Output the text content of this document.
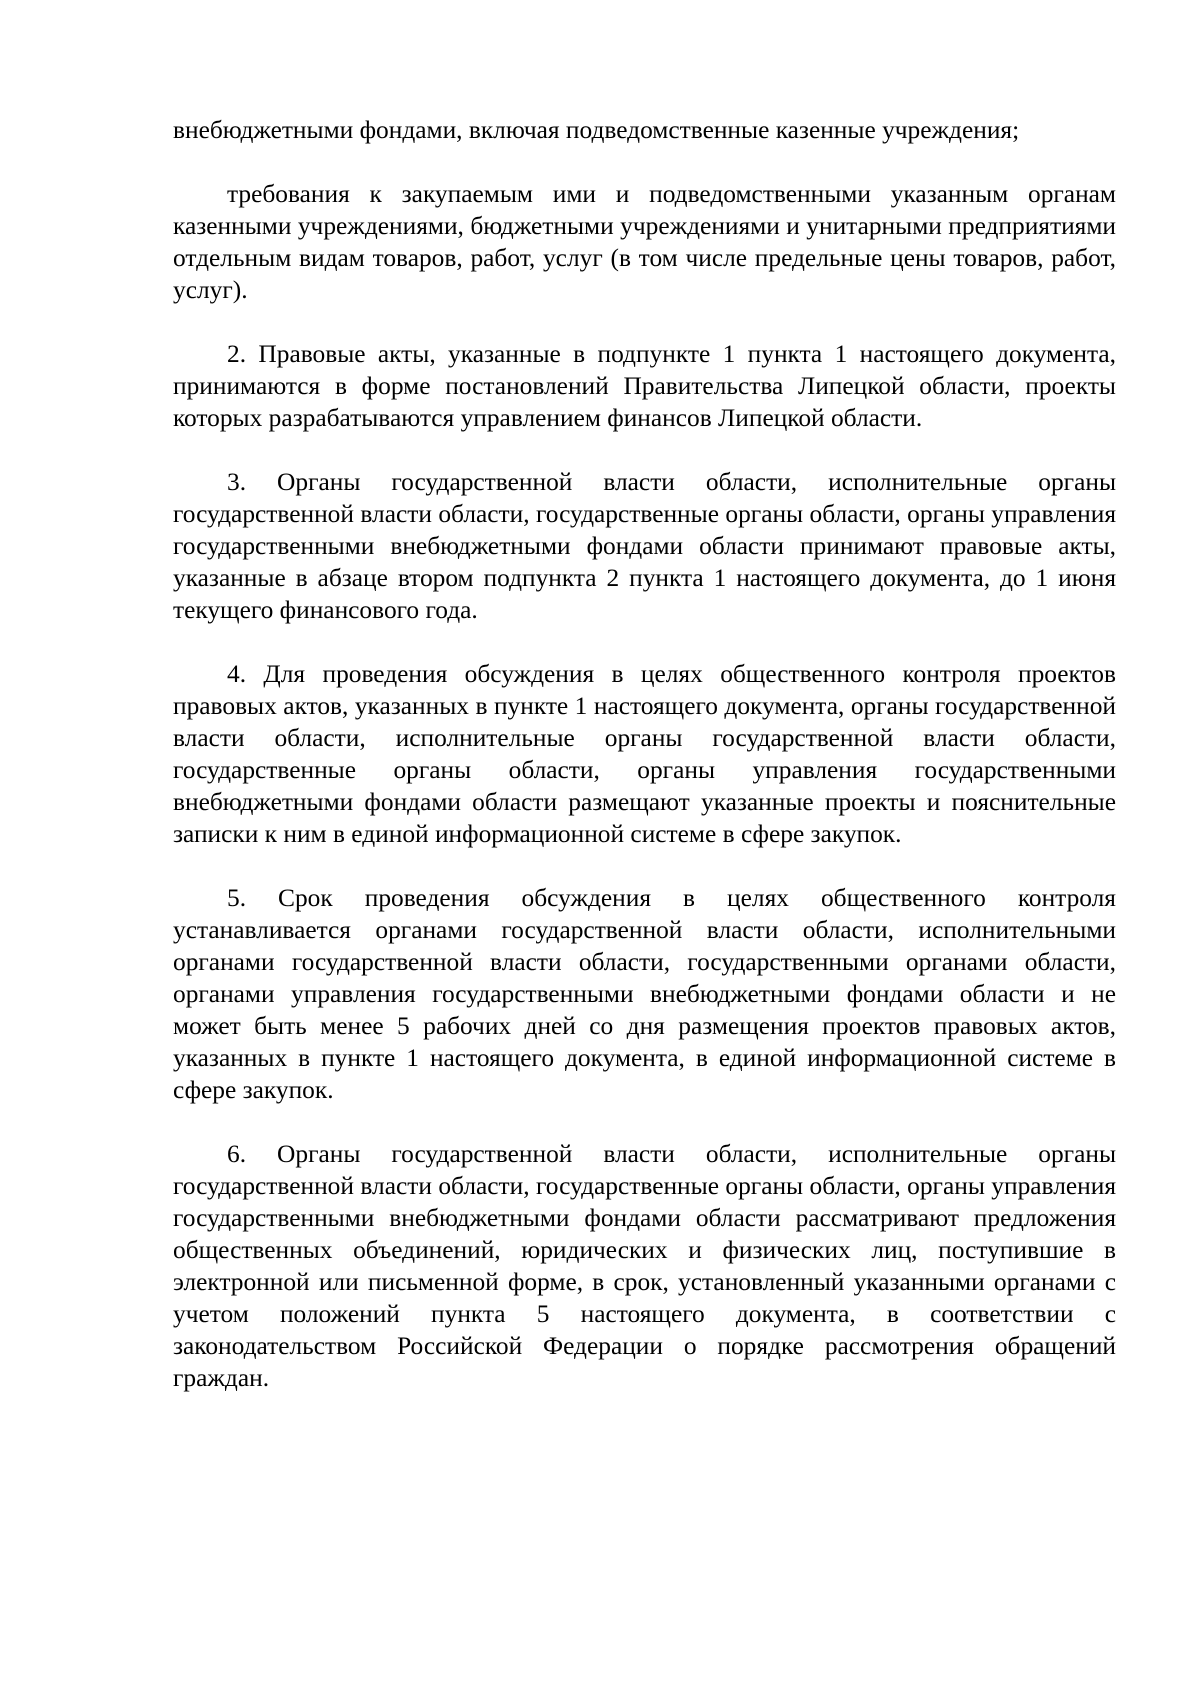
внебюджетными фондами, включая подведомственные казенные учреждения;

требования к закупаемым ими и подведомственными указанным органам казенными учреждениями, бюджетными учреждениями и унитарными предприятиями отдельным видам товаров, работ, услуг (в том числе предельные цены товаров, работ, услуг).

2. Правовые акты, указанные в подпункте 1 пункта 1 настоящего документа, принимаются в форме постановлений Правительства Липецкой области, проекты которых разрабатываются управлением финансов Липецкой области.

3. Органы государственной власти области, исполнительные органы государственной власти области, государственные органы области, органы управления государственными внебюджетными фондами области принимают правовые акты, указанные в абзаце втором подпункта 2 пункта 1 настоящего документа, до 1 июня текущего финансового года.

4. Для проведения обсуждения в целях общественного контроля проектов правовых актов, указанных в пункте 1 настоящего документа, органы государственной власти области, исполнительные органы государственной власти области, государственные органы области, органы управления государственными внебюджетными фондами области размещают указанные проекты и пояснительные записки к ним в единой информационной системе в сфере закупок.

5. Срок проведения обсуждения в целях общественного контроля устанавливается органами государственной власти области, исполнительными органами государственной власти области, государственными органами области, органами управления государственными внебюджетными фондами области и не может быть менее 5 рабочих дней со дня размещения проектов правовых актов, указанных в пункте 1 настоящего документа, в единой информационной системе в сфере закупок.

6. Органы государственной власти области, исполнительные органы государственной власти области, государственные органы области, органы управления государственными внебюджетными фондами области рассматривают предложения общественных объединений, юридических и физических лиц, поступившие в электронной или письменной форме, в срок, установленный указанными органами с учетом положений пункта 5 настоящего документа, в соответствии с законодательством Российской Федерации о порядке рассмотрения обращений граждан.
